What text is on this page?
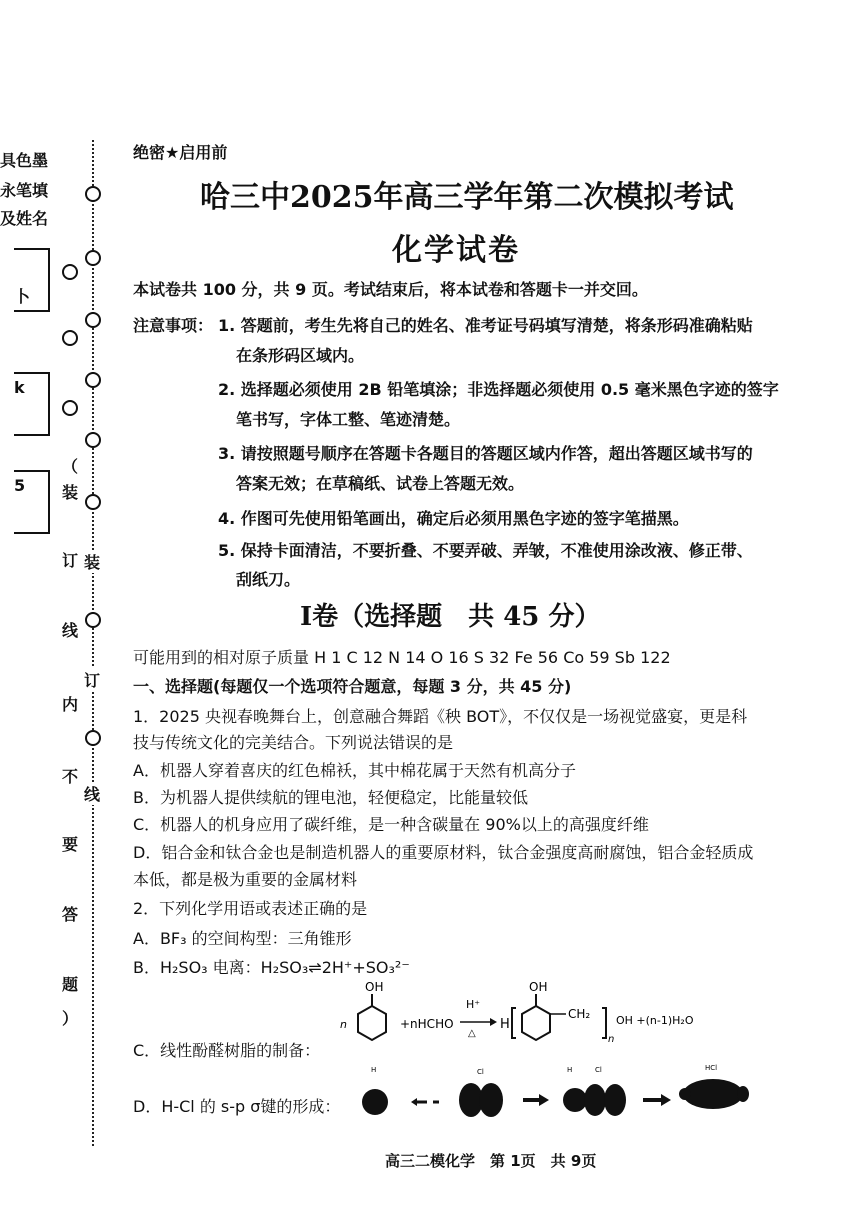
具色墨
永笔填
及姓名
卜
k
5
（
装
订
线
内
不
要
答
题
）
装
订
线
绝密★启用前
哈三中2025年高三学年第二次模拟考试
化学试卷
本试卷共 100 分，共 9 页。考试结束后，将本试卷和答题卡一并交回。
注意事项： 1. 答题前，考生先将自己的姓名、准考证号码填写清楚，将条形码准确粘贴
在条形码区域内。
2. 选择题必须使用 2B 铅笔填涂；非选择题必须使用 0.5 毫米黑色字迹的签字
笔书写，字体工整、笔迹清楚。
3. 请按照题号顺序在答题卡各题目的答题区域内作答，超出答题区域书写的
答案无效；在草稿纸、试卷上答题无效。
4. 作图可先使用铅笔画出，确定后必须用黑色字迹的签字笔描黑。
5. 保持卡面清洁，不要折叠、不要弄破、弄皱，不准使用涂改液、修正带、
刮纸刀。
I卷（选择题　共 45 分）
可能用到的相对原子质量 H 1 C 12 N 14 O 16 S 32 Fe 56 Co 59 Sb 122
一、选择题(每题仅一个选项符合题意，每题 3 分，共 45 分)
1．2025 央视春晚舞台上，创意融合舞蹈《秧 BOT》，不仅仅是一场视觉盛宴，更是科
技与传统文化的完美结合。下列说法错误的是
A．机器人穿着喜庆的红色棉袄，其中棉花属于天然有机高分子
B．为机器人提供续航的锂电池，轻便稳定，比能量较低
C．机器人的机身应用了碳纤维，是一种含碳量在 90%以上的高强度纤维
D．铝合金和钛合金也是制造机器人的重要原材料，钛合金强度高耐腐蚀，铝合金轻质成
本低，都是极为重要的金属材料
2．下列化学用语或表述正确的是
A．BF₃ 的空间构型：三角锥形
B．H₂SO₃ 电离：H₂SO₃⇌2H⁺+SO₃²⁻
C．线性酚醛树脂的制备：
D．H-Cl 的 s-p σ键的形成：
n
OH
+nHCHO
H⁺
△
H
OH
CH₂
n
OH +(n-1)H₂O
H	Cl	H	Cl	HCl
高三二模化学　第 1页　共 9页
